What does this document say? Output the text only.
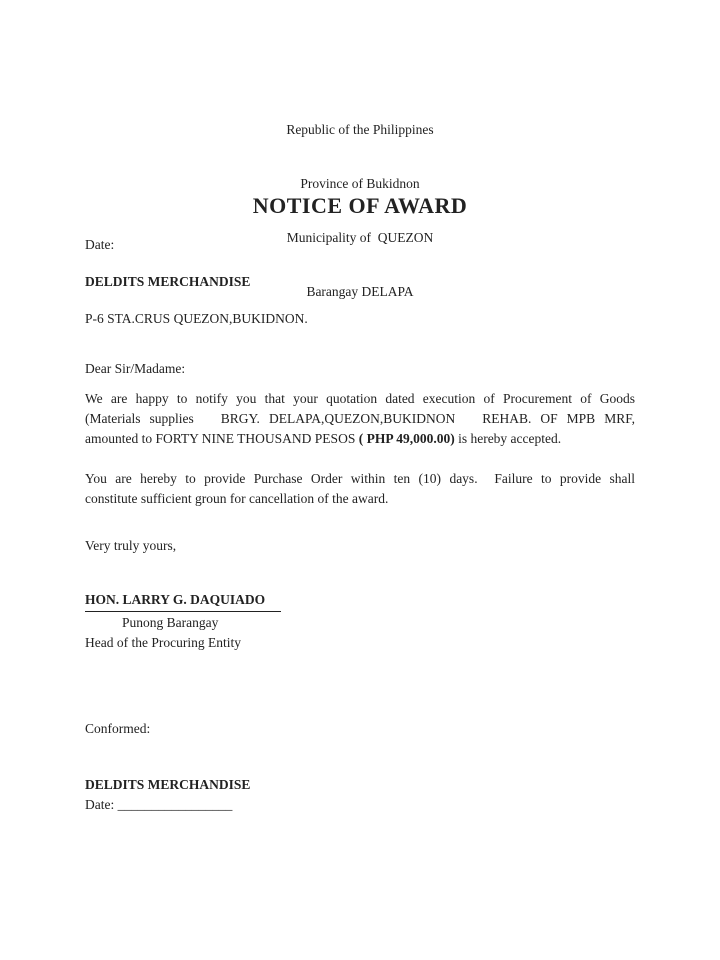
Republic of the Philippines

Province of Bukidnon

Municipality of  QUEZON

Barangay DELAPA

NOTICE OF AWARD
Date:
DELDITS MERCHANDISE
P-6 STA.CRUS QUEZON,BUKIDNON.
Dear Sir/Madame:
We are happy to notify you that your quotation dated execution of Procurement of Goods
(Materials supplies   BRGY. DELAPA,QUEZON,BUKIDNON   REHAB. OF MPB MRF,
amounted to FORTY NINE THOUSAND PESOS ( PHP 49,000.00) is hereby accepted.
You are hereby to provide Purchase Order within ten (10) days.  Failure to provide shall
constitute sufficient groun for cancellation of the award.
Very truly yours,
HON. LARRY G. DAQUIADO
Punong Barangay
Head of the Procuring Entity
Conformed:
DELDITS MERCHANDISE
Date: _________________
